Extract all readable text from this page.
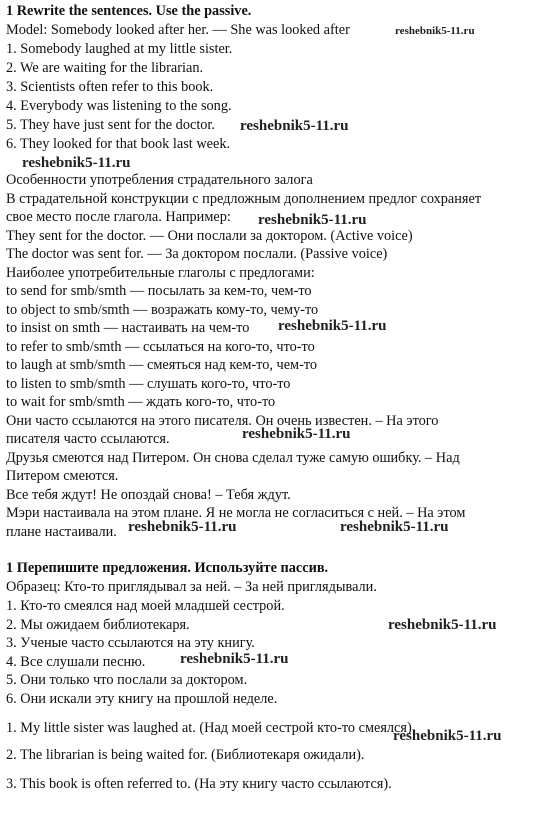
1 Rewrite the sentences. Use the passive.
Model: Somebody looked after her. — She was looked after
1. Somebody laughed at my little sister.
2. We are waiting for the librarian.
3. Scientists often refer to this book.
4. Everybody was listening to the song.
5. They have just sent for the doctor.
6. They looked for that book last week.
Особенности употребления страдательного залога
В страдательной конструкции с предложным дополнением предлог сохраняет
свое место после глагола. Например:
They sent for the doctor. — Они послали за доктором. (Active voice)
The doctor was sent for. — За доктором послали. (Passive voice)
Наиболее употребительные глаголы с предлогами:
to send for smb/smth — посылать за кем-то, чем-то
to object to smb/smth — возражать кому-то, чему-то
to insist on smth — настаивать на чем-то
to refer to smb/smth — ссылаться на кого-то, что-то
to laugh at smb/smth — смеяться над кем-то, чем-то
to listen to smb/smth — слушать кого-то, что-то
to wait for smb/smth — ждать кого-то, что-то
Они часто ссылаются на этого писателя. Он очень известен. – На этого
писателя часто ссылаются.
Друзья смеются над Питером. Он снова сделал туже самую ошибку. – Над
Питером смеются.
Все тебя ждут! Не опоздай снова! – Тебя ждут.
Мэри настаивала на этом плане. Я не могла не согласиться с ней. – На этом
плане настаивали.
1 Перепишите предложения. Используйте пассив.
Образец: Кто-то приглядывал за ней. – За ней приглядывали.
1. Кто-то смеялся над моей младшей сестрой.
2. Мы ожидаем библиотекаря.
3. Ученые часто ссылаются на эту книгу.
4. Все слушали песню.
5. Они только что послали за доктором.
6. Они искали эту книгу на прошлой неделе.
1. My little sister was laughed at. (Над моей сестрой кто-то смеялся)
2. The librarian is being waited for. (Библиотекаря ожидали).
3. This book is often referred to. (На эту книгу часто ссылаются).
reshebnik5-11.ru
reshebnik5-11.ru
reshebnik5-11.ru
reshebnik5-11.ru
reshebnik5-11.ru
reshebnik5-11.ru
reshebnik5-11.ru	reshebnik5-11.ru
reshebnik5-11.ru
reshebnik5-11.ru
reshebnik5-11.ru
